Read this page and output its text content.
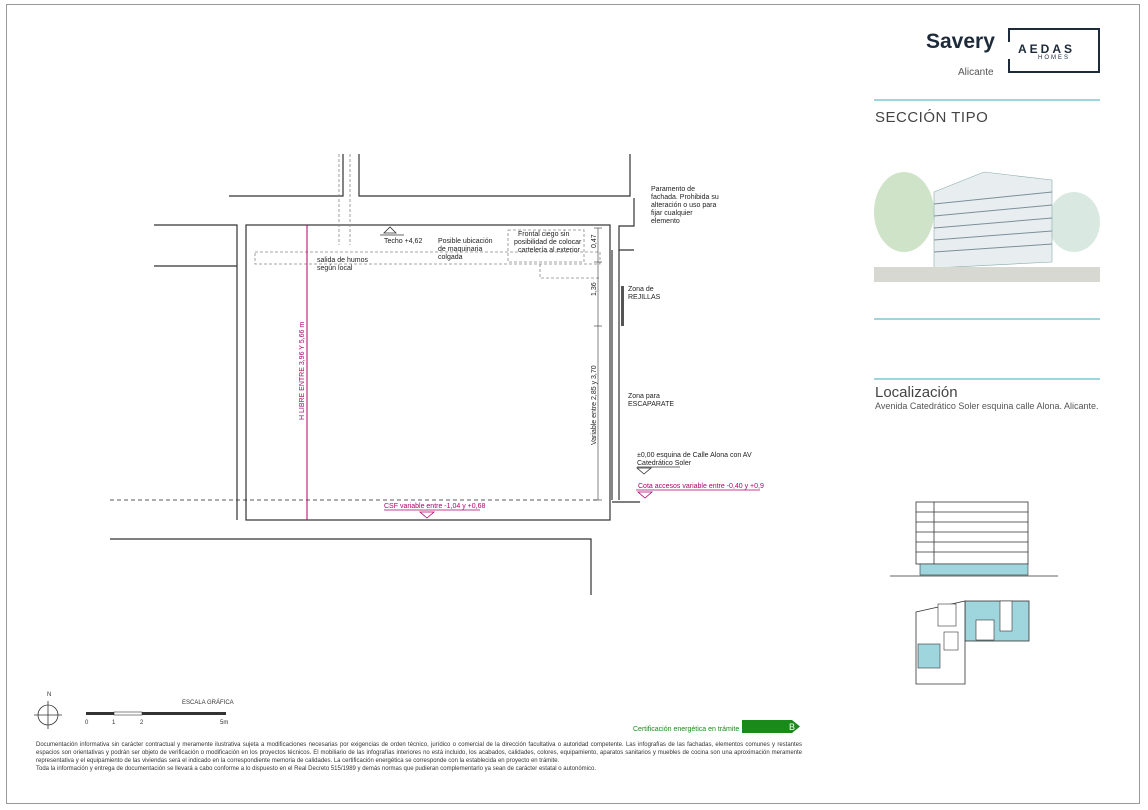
Techo +4,62
salida de humos
según local
Posible ubicación
de maquinaria
colgada
Frontal ciego sin
posibilidad de colocar
cartelería al exterior
Paramento de
fachada. Prohibida su
alteración o uso para
fijar cualquier
elemento
Zona de
REJILLAS
Zona para
ESCAPARATE
±0,00 esquina de Calle Alona con AV
Catedrático Soler
Cota accesos variable entre -0,40 y +0,9
CSF variable entre -1,04 y +0,68
H LIBRE ENTRE 3,96 Y 5,66 m	Variable entre 2,85 y 3,70
0,47
1,36
B
Savery
Alicante
AEDAS
HOMES
SECCIÓN TIPO
Localización
Avenida Catedrático Soler esquina calle Alona. Alicante.
N
ESCALA GRÁFICA
0	1	2	5m
Certificación energética en trámite
Documentación informativa sin carácter contractual y meramente ilustrativa sujeta a modificaciones necesarias por exigencias de orden técnico, jurídico o comercial de la dirección facultativa o autoridad competente. Las infografías de las fachadas, elementos comunes y restantes espacios son orientativas y podrán ser objeto de verificación o modificación en los proyectos técnicos. El mobiliario de las infografías interiores no está incluido, los acabados, calidades, colores, equipamiento, aparatos sanitarios y muebles de cocina son una aproximación meramente representativa y el equipamiento de las viviendas será el indicado en la correspondiente memoria de calidades. La certificación energética se corresponde con la establecida en proyecto en trámite.
Toda la información y entrega de documentación se llevará a cabo conforme a lo dispuesto en el Real Decreto 515/1989 y demás normas que pudieran complementarlo ya sean de carácter estatal o autonómico.
